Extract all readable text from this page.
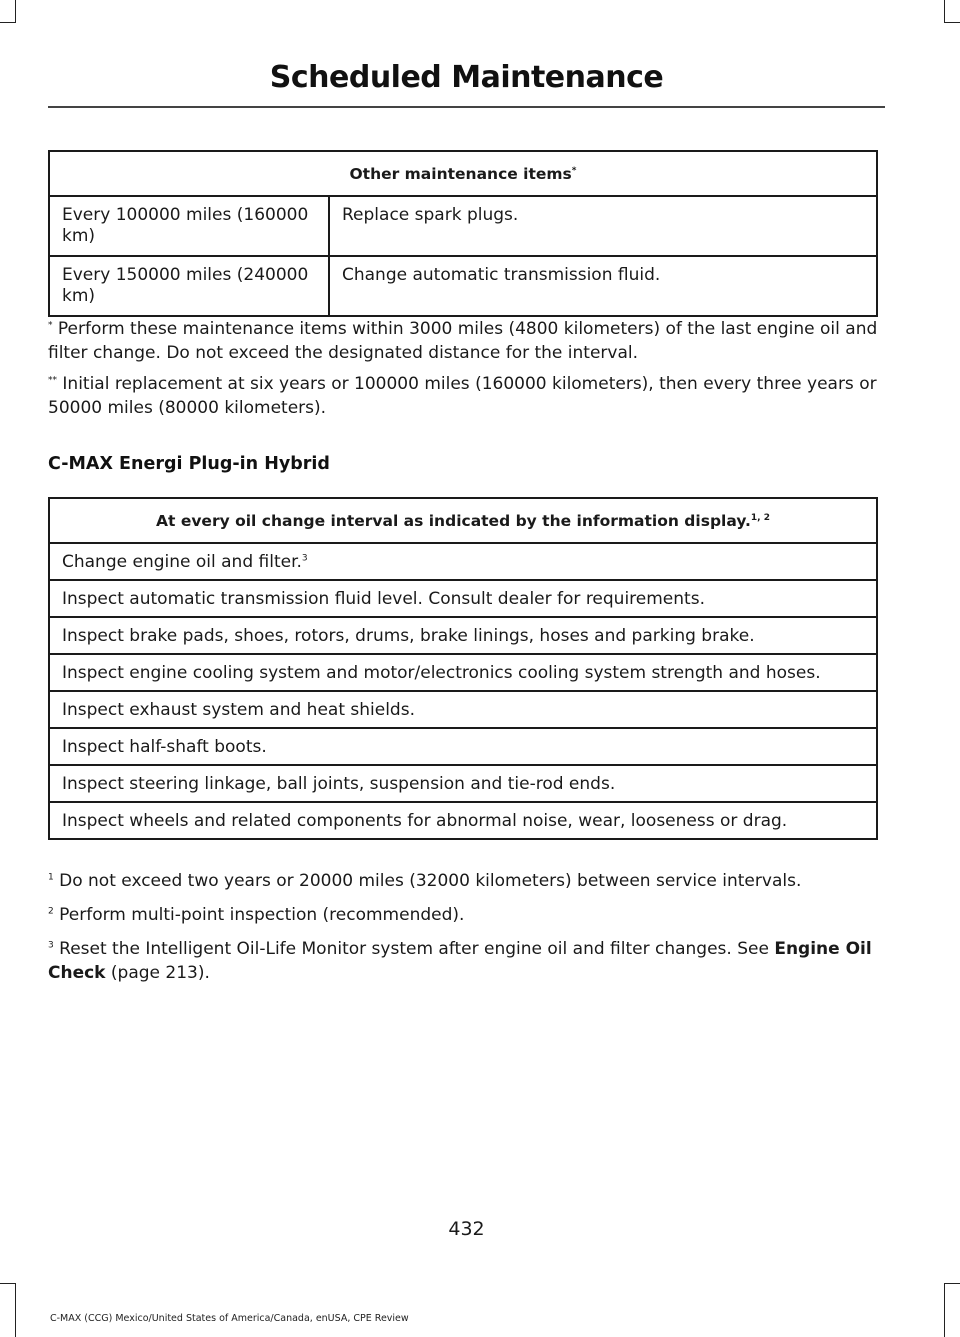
Scheduled Maintenance
Other maintenance items*
Every 100000 miles (160000 km)	Replace spark plugs.
Every 150000 miles (240000 km)	Change automatic transmission fluid.

* Perform these maintenance items within 3000 miles (4800 kilometers) of the last engine oil and filter change. Do not exceed the designated distance for the interval.

** Initial replacement at six years or 100000 miles (160000 kilometers), then every three years or 50000 miles (80000 kilometers).

C-MAX Energi Plug-in Hybrid
At every oil change interval as indicated by the information display.$^{1, 2}$
Change engine oil and filter.$^3$
Inspect automatic transmission fluid level. Consult dealer for requirements.
Inspect brake pads, shoes, rotors, drums, brake linings, hoses and parking brake.
Inspect engine cooling system and motor/electronics cooling system strength and hoses.
Inspect exhaust system and heat shields.
Inspect half-shaft boots.
Inspect steering linkage, ball joints, suspension and tie-rod ends.
Inspect wheels and related components for abnormal noise, wear, looseness or drag.

$^1$ Do not exceed two years or 20000 miles (32000 kilometers) between service intervals.

$^2$ Perform multi-point inspection (recommended).

$^3$ Reset the Intelligent Oil-Life Monitor system after engine oil and filter changes. See Engine Oil Check (page 213).

432
C-MAX (CCG) Mexico/United States of America/Canada, enUSA, CPE Review
